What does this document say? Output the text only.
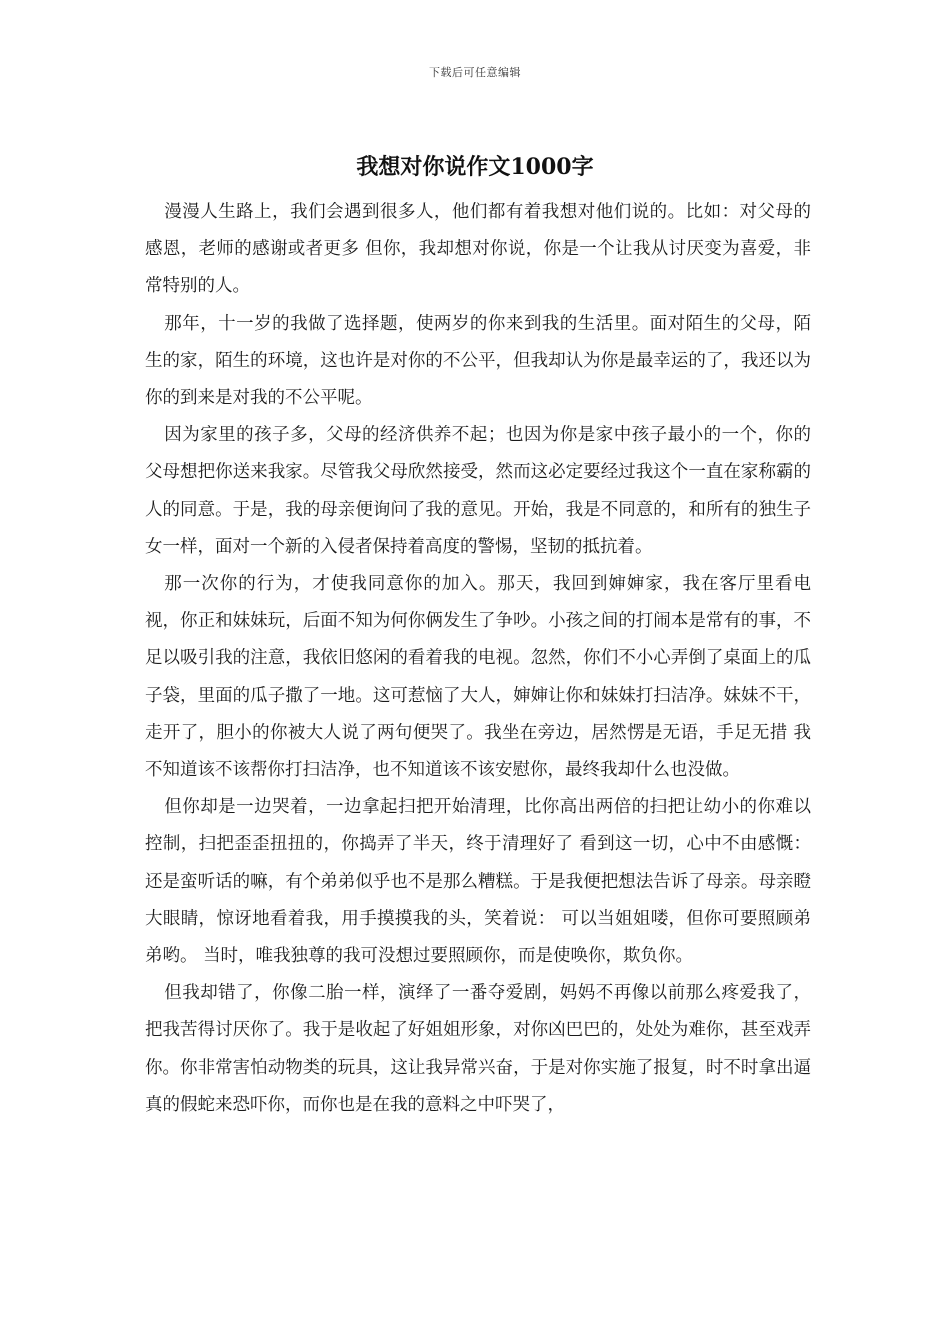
下载后可任意编辑
我想对你说作文1000字

漫漫人生路上，我们会遇到很多人，他们都有着我想对他们说的。比如：对父母的感恩，老师的感谢或者更多 但你，我却想对你说，你是一个让我从讨厌变为喜爱，非常特别的人。

那年，十一岁的我做了选择题，使两岁的你来到我的生活里。面对陌生的父母，陌生的家，陌生的环境，这也许是对你的不公平，但我却认为你是最幸运的了，我还以为你的到来是对我的不公平呢。

因为家里的孩子多，父母的经济供养不起；也因为你是家中孩子最小的一个，你的父母想把你送来我家。尽管我父母欣然接受，然而这必定要经过我这个一直在家称霸的人的同意。于是，我的母亲便询问了我的意见。开始，我是不同意的，和所有的独生子女一样，面对一个新的入侵者保持着高度的警惕，坚韧的抵抗着。

那一次你的行为，才使我同意你的加入。那天，我回到婶婶家，我在客厅里看电视，你正和妹妹玩，后面不知为何你俩发生了争吵。小孩之间的打闹本是常有的事，不足以吸引我的注意，我依旧悠闲的看着我的电视。忽然，你们不小心弄倒了桌面上的瓜子袋，里面的瓜子撒了一地。这可惹恼了大人，婶婶让你和妹妹打扫洁净。妹妹不干，走开了，胆小的你被大人说了两句便哭了。我坐在旁边，居然愣是无语，手足无措 我不知道该不该帮你打扫洁净，也不知道该不该安慰你，最终我却什么也没做。

但你却是一边哭着，一边拿起扫把开始清理，比你高出两倍的扫把让幼小的你难以控制，扫把歪歪扭扭的，你捣弄了半天，终于清理好了 看到这一切，心中不由感慨：还是蛮听话的嘛，有个弟弟似乎也不是那么糟糕。于是我便把想法告诉了母亲。母亲瞪大眼睛，惊讶地看着我，用手摸摸我的头，笑着说： 可以当姐姐喽，但你可要照顾弟弟哟。 当时，唯我独尊的我可没想过要照顾你，而是使唤你，欺负你。

但我却错了，你像二胎一样，演绎了一番夺爱剧，妈妈不再像以前那么疼爱我了，把我苦得讨厌你了。我于是收起了好姐姐形象，对你凶巴巴的，处处为难你，甚至戏弄你。你非常害怕动物类的玩具，这让我异常兴奋，于是对你实施了报复，时不时拿出逼真的假蛇来恐吓你，而你也是在我的意料之中吓哭了，
